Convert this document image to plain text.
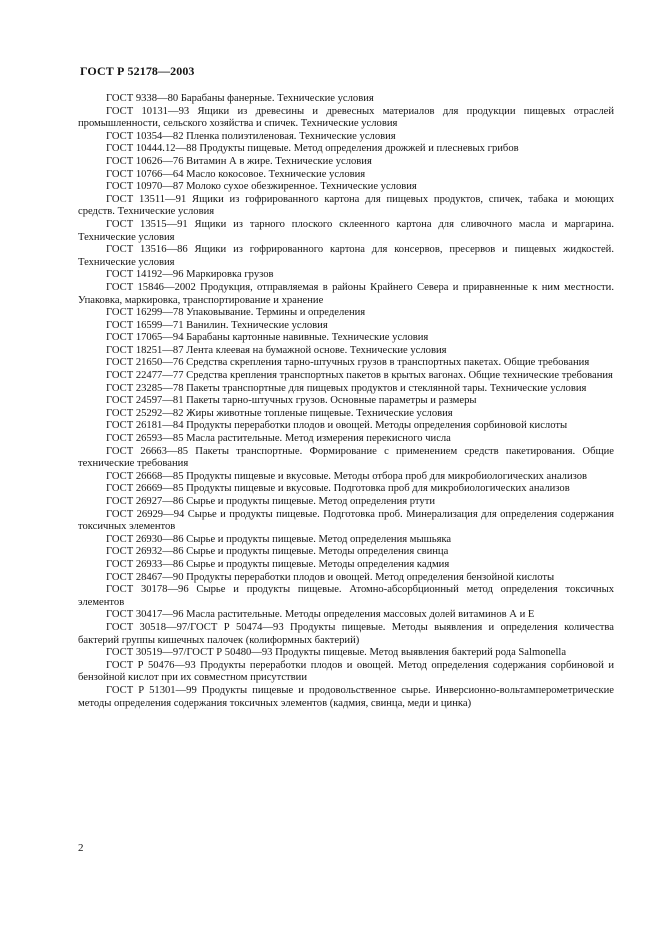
ГОСТ Р 52178—2003
ГОСТ 9338—80 Барабаны фанерные. Технические условия
ГОСТ 10131—93 Ящики из древесины и древесных материалов для продукции пищевых отраслей промышленности, сельского хозяйства и спичек. Технические условия
ГОСТ 10354—82 Пленка полиэтиленовая. Технические условия
ГОСТ 10444.12—88 Продукты пищевые. Метод определения дрожжей и плесневых грибов
ГОСТ 10626—76 Витамин А в жире. Технические условия
ГОСТ 10766—64 Масло кокосовое. Технические условия
ГОСТ 10970—87 Молоко сухое обезжиренное. Технические условия
ГОСТ 13511—91 Ящики из гофрированного картона для пищевых продуктов, спичек, табака и моющих средств. Технические условия
ГОСТ 13515—91 Ящики из тарного плоского склеенного картона для сливочного масла и маргарина. Технические условия
ГОСТ 13516—86 Ящики из гофрированного картона для консервов, пресервов и пищевых жидкостей. Технические условия
ГОСТ 14192—96 Маркировка грузов
ГОСТ 15846—2002 Продукция, отправляемая в районы Крайнего Севера и приравненные к ним местности. Упаковка, маркировка, транспортирование и хранение
ГОСТ 16299—78 Упаковывание. Термины и определения
ГОСТ 16599—71 Ванилин. Технические условия
ГОСТ 17065—94 Барабаны картонные навивные. Технические условия
ГОСТ 18251—87 Лента клеевая на бумажной основе. Технические условия
ГОСТ 21650—76 Средства скрепления тарно-штучных грузов в транспортных пакетах. Общие требования
ГОСТ 22477—77 Средства крепления транспортных пакетов в крытых вагонах. Общие технические требования
ГОСТ 23285—78 Пакеты транспортные для пищевых продуктов и стеклянной тары. Технические условия
ГОСТ 24597—81 Пакеты тарно-штучных грузов. Основные параметры и размеры
ГОСТ 25292—82 Жиры животные топленые пищевые. Технические условия
ГОСТ 26181—84 Продукты переработки плодов и овощей. Методы определения сорбиновой кислоты
ГОСТ 26593—85 Масла растительные. Метод измерения перекисного числа
ГОСТ 26663—85 Пакеты транспортные. Формирование с применением средств пакетирования. Общие технические требования
ГОСТ 26668—85 Продукты пищевые и вкусовые. Методы отбора проб для микробиологических анализов
ГОСТ 26669—85 Продукты пищевые и вкусовые. Подготовка проб для микробиологических анализов
ГОСТ 26927—86 Сырье и продукты пищевые. Метод определения ртути
ГОСТ 26929—94 Сырье и продукты пищевые. Подготовка проб. Минерализация для определения содержания токсичных элементов
ГОСТ 26930—86 Сырье и продукты пищевые. Метод определения мышьяка
ГОСТ 26932—86 Сырье и продукты пищевые. Методы определения свинца
ГОСТ 26933—86 Сырье и продукты пищевые. Методы определения кадмия
ГОСТ 28467—90 Продукты переработки плодов и овощей. Метод определения бензойной кислоты
ГОСТ 30178—96 Сырье и продукты пищевые. Атомно-абсорбционный метод определения токсичных элементов
ГОСТ 30417—96 Масла растительные. Методы определения массовых долей витаминов А и Е
ГОСТ 30518—97/ГОСТ Р 50474—93 Продукты пищевые. Методы выявления и определения количества бактерий группы кишечных палочек (колиформных бактерий)
ГОСТ 30519—97/ГОСТ Р 50480—93 Продукты пищевые. Метод выявления бактерий рода Salmonella
ГОСТ Р 50476—93 Продукты переработки плодов и овощей. Метод определения содержания сорбиновой и бензойной кислот при их совместном присутствии
ГОСТ Р 51301—99 Продукты пищевые и продовольственное сырье. Инверсионно-вольтамперометрические методы определения содержания токсичных элементов (кадмия, свинца, меди и цинка)
2
